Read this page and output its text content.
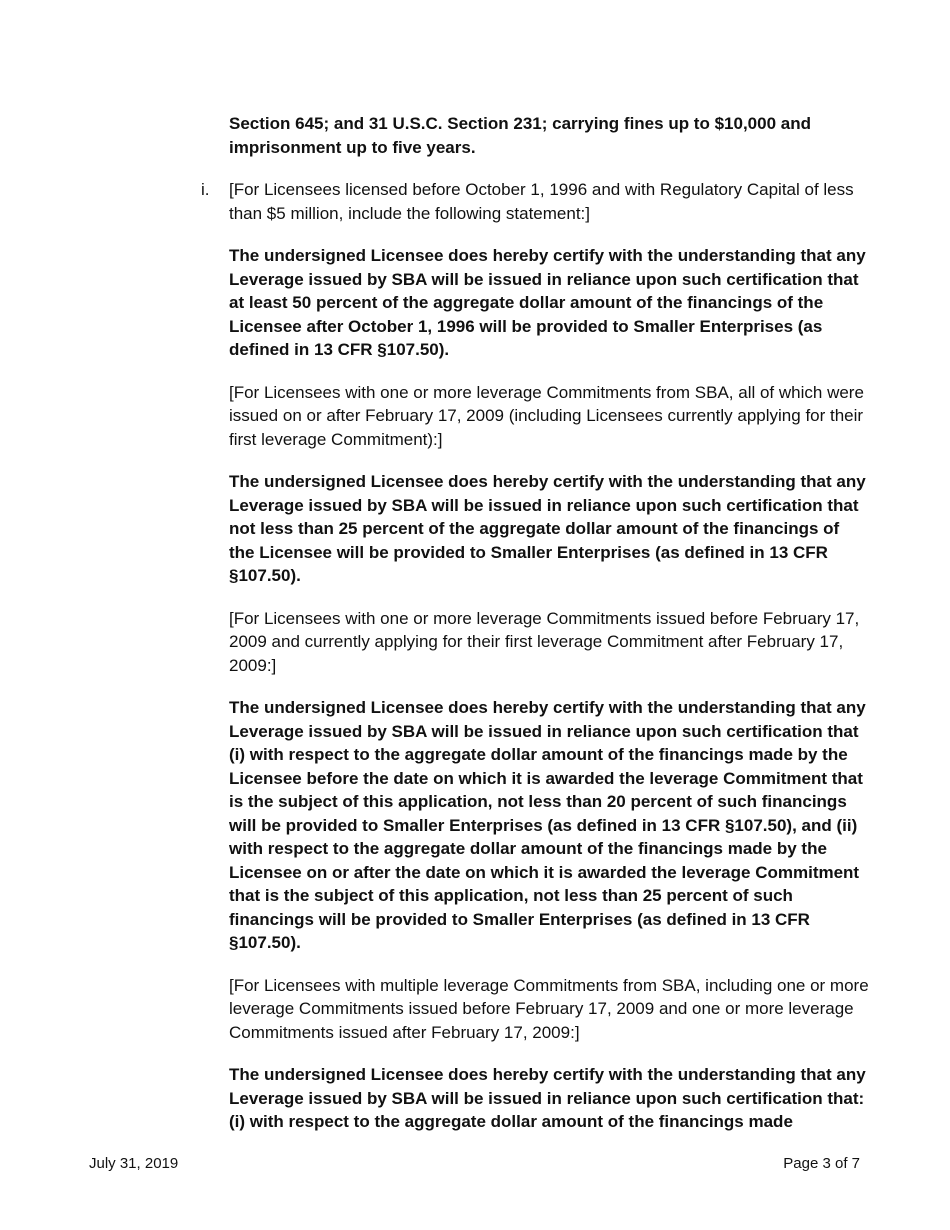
Section 645; and 31 U.S.C. Section 231; carrying fines up to $10,000 and imprisonment up to five years.

i. [For Licensees licensed before October 1, 1996 and with Regulatory Capital of less than $5 million, include the following statement:]

The undersigned Licensee does hereby certify with the understanding that any Leverage issued by SBA will be issued in reliance upon such certification that at least 50 percent of the aggregate dollar amount of the financings of the Licensee after October 1, 1996 will be provided to Smaller Enterprises (as defined in 13 CFR §107.50).

[For Licensees with one or more leverage Commitments from SBA, all of which were issued on or after February 17, 2009 (including Licensees currently applying for their first leverage Commitment):]

The undersigned Licensee does hereby certify with the understanding that any Leverage issued by SBA will be issued in reliance upon such certification that not less than 25 percent of the aggregate dollar amount of the financings of the Licensee will be provided to Smaller Enterprises (as defined in 13 CFR §107.50).

[For Licensees with one or more leverage Commitments issued before February 17, 2009 and currently applying for their first leverage Commitment after February 17, 2009:]

The undersigned Licensee does hereby certify with the understanding that any Leverage issued by SBA will be issued in reliance upon such certification that (i) with respect to the aggregate dollar amount of the financings made by the Licensee before the date on which it is awarded the leverage Commitment that is the subject of this application, not less than 20 percent of such financings will be provided to Smaller Enterprises (as defined in 13 CFR §107.50), and (ii) with respect to the aggregate dollar amount of the financings made by the Licensee on or after the date on which it is awarded the leverage Commitment that is the subject of this application, not less than 25 percent of such financings will be provided to Smaller Enterprises (as defined in 13 CFR §107.50).

[For Licensees with multiple leverage Commitments from SBA, including one or more leverage Commitments issued before February 17, 2009 and one or more leverage Commitments issued after February 17, 2009:]

The undersigned Licensee does hereby certify with the understanding that any Leverage issued by SBA will be issued in reliance upon such certification that: (i) with respect to the aggregate dollar amount of the financings made

July 31, 2019	Page 3 of 7
